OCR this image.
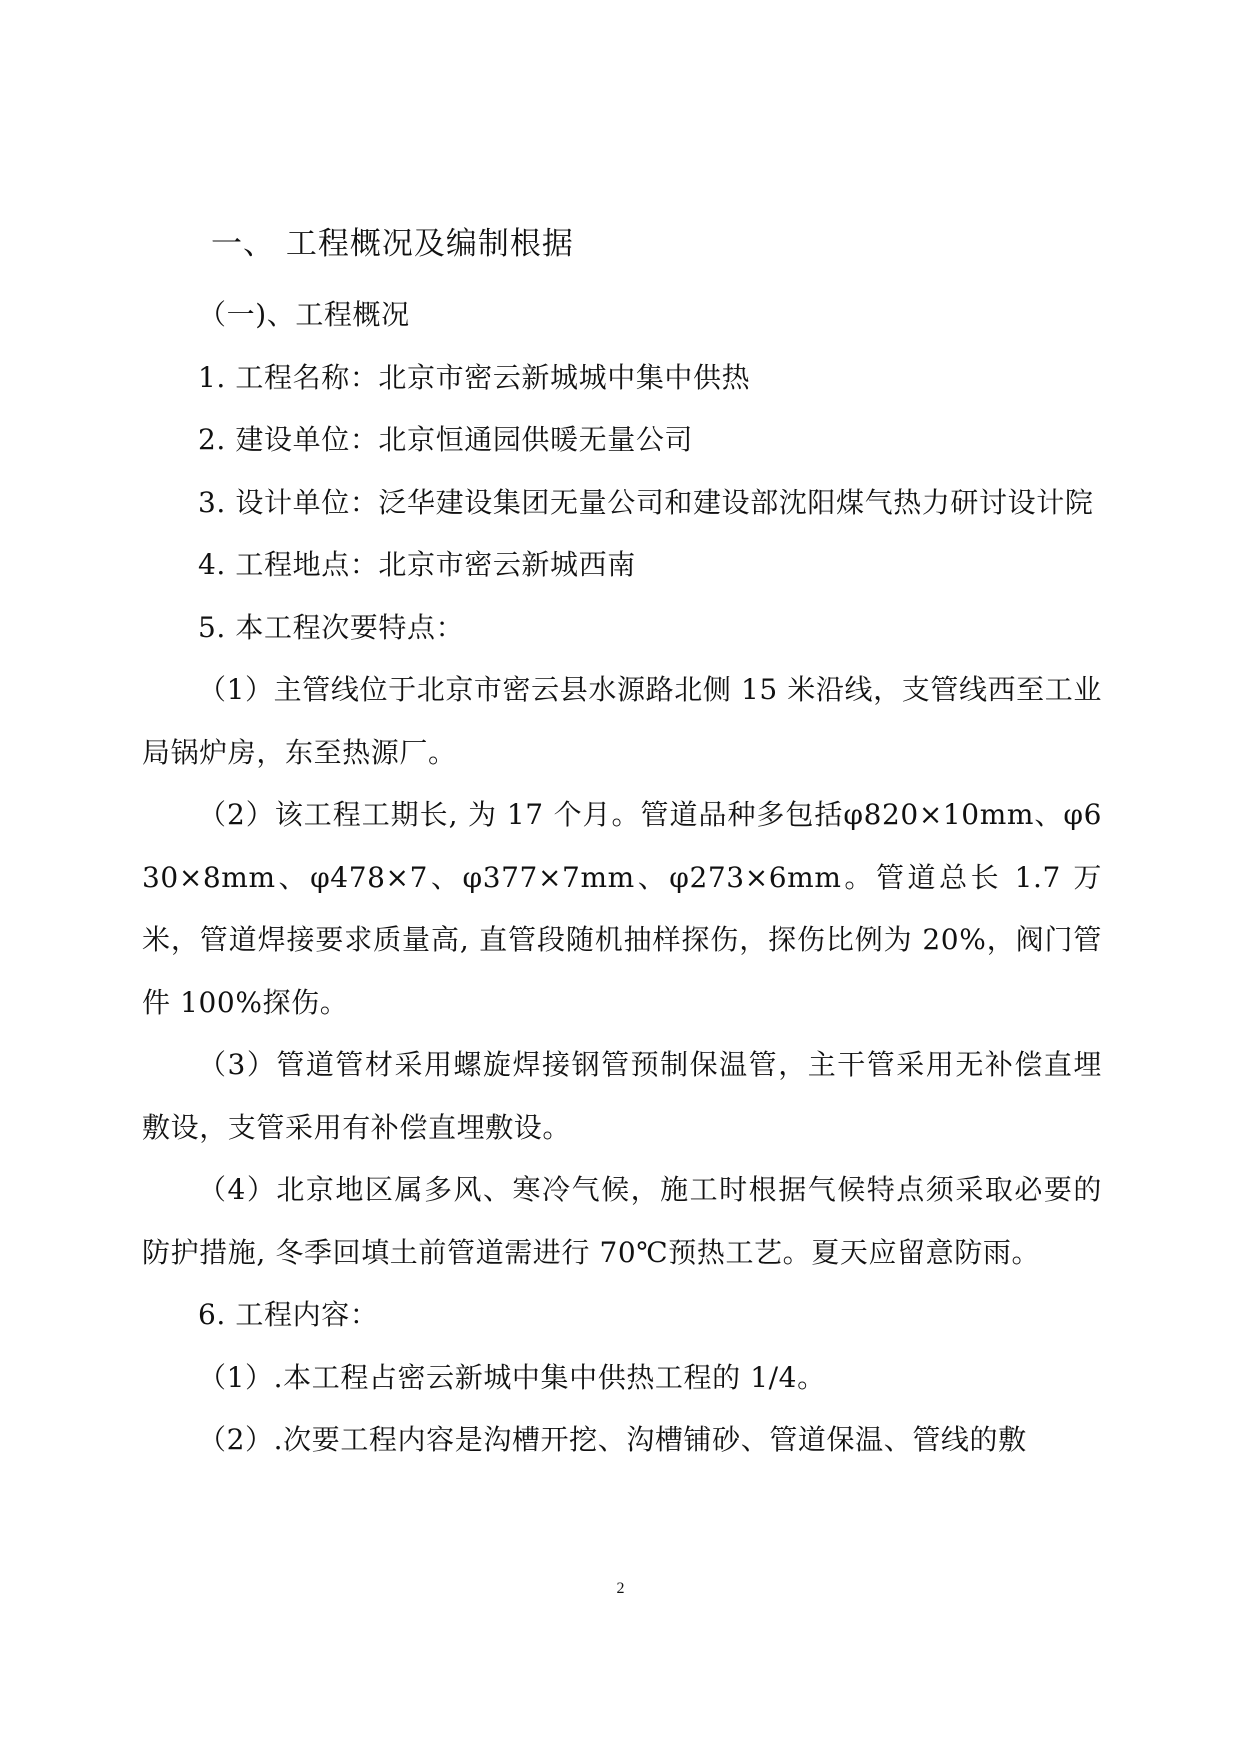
一、 工程概况及编制根据

（一)、工程概况

1. 工程名称：北京市密云新城城中集中供热

2. 建设单位：北京恒通园供暖无量公司

3. 设计单位：泛华建设集团无量公司和建设部沈阳煤气热力研讨设计院

4. 工程地点：北京市密云新城西南

5. 本工程次要特点：

（1）主管线位于北京市密云县水源路北侧 15 米沿线，支管线西至工业局锅炉房，东至热源厂。

（2）该工程工期长, 为 17 个月。管道品种多包括φ820×10mm、φ630×8mm、φ478×7、φ377×7mm、φ273×6mm。管道总长 1.7 万米，管道焊接要求质量高, 直管段随机抽样探伤，探伤比例为 20%，阀门管件 100%探伤。

（3）管道管材采用螺旋焊接钢管预制保温管，主干管采用无补偿直埋敷设，支管采用有补偿直埋敷设。

（4）北京地区属多风、寒冷气候，施工时根据气候特点须采取必要的防护措施, 冬季回填土前管道需进行 70℃预热工艺。夏天应留意防雨。

6. 工程内容：

（1）.本工程占密云新城中集中供热工程的 1/4。

（2）.次要工程内容是沟槽开挖、沟槽铺砂、管道保温、管线的敷

2
